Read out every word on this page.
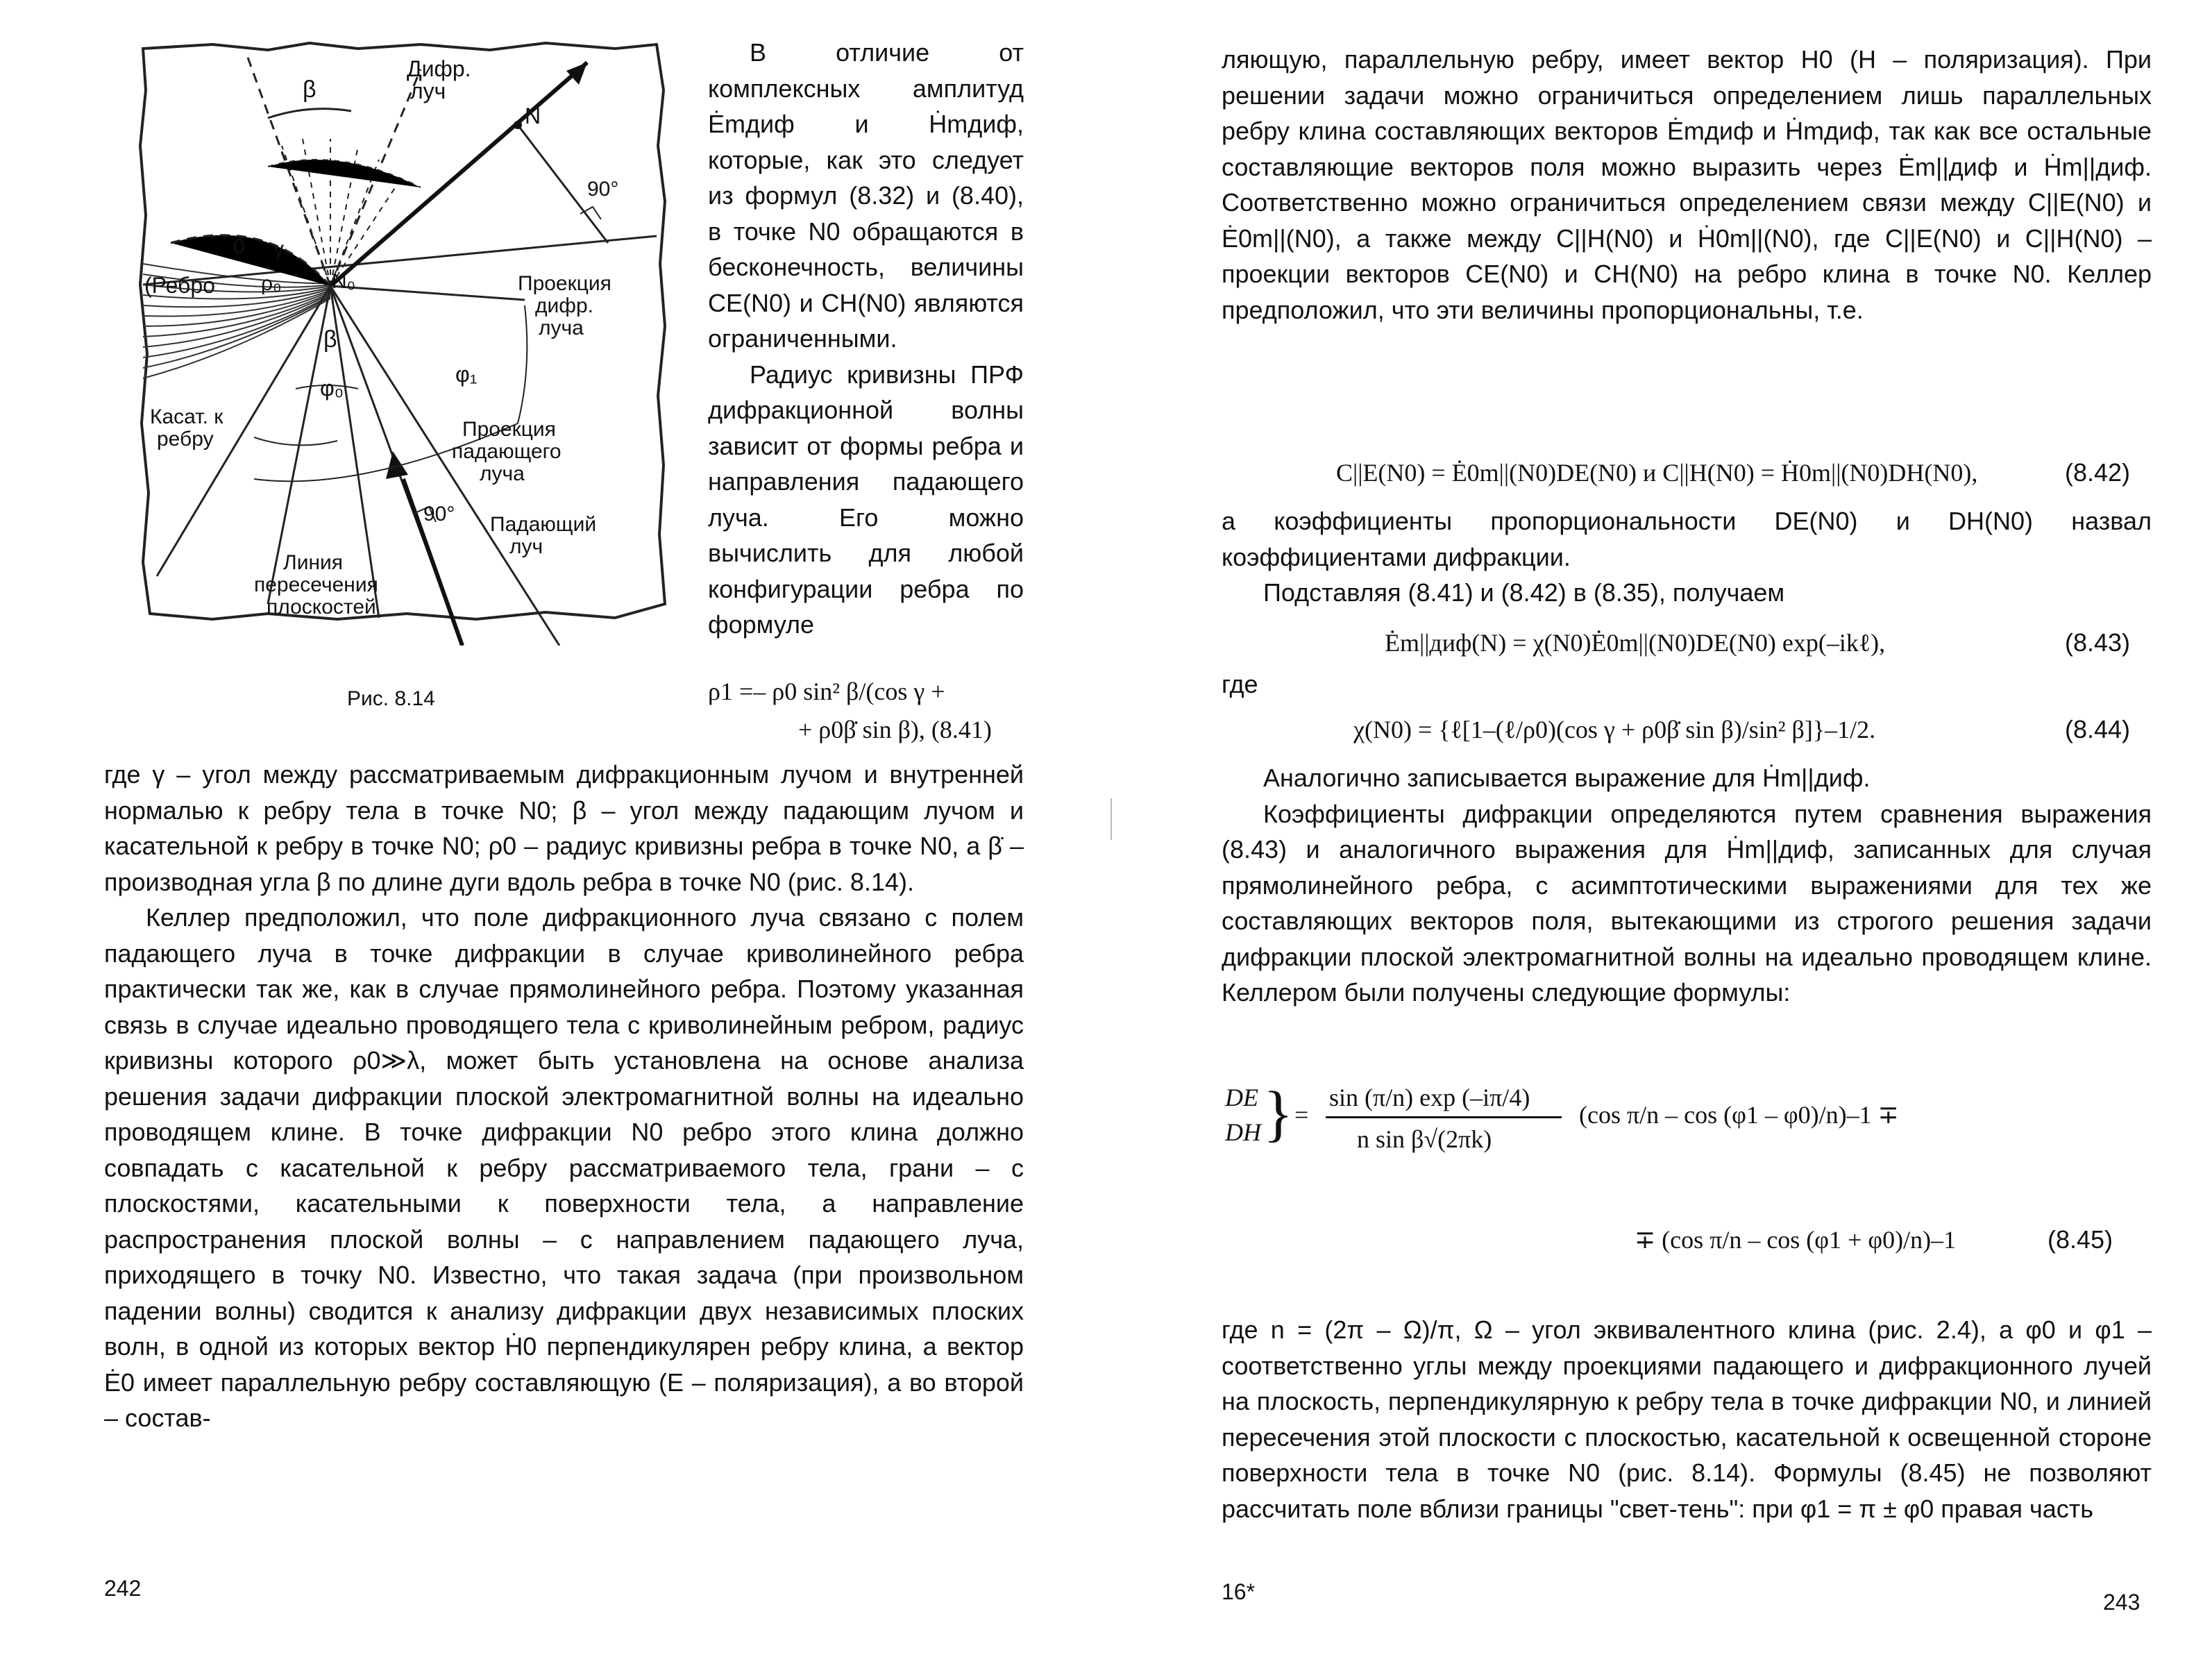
Дифр.
луч
N
β
90°
0 γ
ρ₀ N₀
(Ребро	Проекция
дифр.
луча
β
φ₁
φ₀
Касат. к
ребру	Проекция
падающего
луча
90° Падающий
луч
Линия
пересечения
плоскостей
Рис. 8.14

В отличие от комплексных амплитуд Ėmдиф и Ḣmдиф, которые, как это следует из формул (8.32) и (8.40), в точке N0 обращаются в бесконечность, величины CE(N0) и CH(N0) являются ограниченными.

Радиус кривизны ПРФ дифракционной волны зависит от формы ребра и направления падающего луча. Его можно вычислить для любой конфигурации ребра по формуле

ρ1 =– ρ0 sin² β/(cos γ +
+ ρ0β̇ sin β), (8.41)

где γ – угол между рассматриваемым дифракционным лучом и внутренней нормалью к ребру тела в точке N0; β – угол между падающим лучом и касательной к ребру в точке N0; ρ0 – радиус кривизны ребра в точке N0, а β̇ – производная угла β по длине дуги вдоль ребра в точке N0 (рис. 8.14).

Келлер предположил, что поле дифракционного луча связано с полем падающего луча в точке дифракции в случае криволинейного ребра практически так же, как в случае прямолинейного ребра. Поэтому указанная связь в случае идеально проводящего тела с криволинейным ребром, радиус кривизны которого ρ0≫λ, может быть установлена на основе анализа решения задачи дифракции плоской электромагнитной волны на идеально проводящем клине. В точке дифракции N0 ребро этого клина должно совпадать с касательной к ребру рассматриваемого тела, грани – с плоскостями, касательными к поверхности тела, а направление распространения плоской волны – с направлением падающего луча, приходящего в точку N0. Известно, что такая задача (при произвольном падении волны) сводится к анализу дифракции двух независимых плоских волн, в одной из которых вектор Ḣ0 перпендикулярен ребру клина, а вектор Ė0 имеет параллельную ребру составляющую (E – поляризация), а во второй – состав-

242

ляющую, параллельную ребру, имеет вектор H0 (H – поляризация). При решении задачи можно ограничиться определением лишь параллельных ребру клина составляющих векторов Ėmдиф и Ḣmдиф, так как все остальные составляющие векторов поля можно выразить через Ėm||диф и Ḣm||диф. Соответственно можно ограничиться определением связи между C||E(N0) и Ė0m||(N0), а также между C||H(N0) и Ḣ0m||(N0), где C||E(N0) и C||H(N0) – проекции векторов CE(N0) и CH(N0) на ребро клина в точке N0. Келлер предположил, что эти величины пропорциональны, т.е.

C||E(N0) = Ė0m||(N0)DE(N0) и C||H(N0) = Ḣ0m||(N0)DH(N0),	(8.42)

а коэффициенты пропорциональности DE(N0) и DH(N0) назвал коэффициентами дифракции.

Подставляя (8.41) и (8.42) в (8.35), получаем

Ėm||диф(N) = χ(N0)Ė0m||(N0)DE(N0) exp(–ikℓ),	(8.43)
где
χ(N0) = {ℓ[1–(ℓ/ρ0)(cos γ + ρ0β̇ sin β)/sin² β]}–1/2.	(8.44)

Аналогично записывается выражение для Ḣm||диф.

Коэффициенты дифракции определяются путем сравнения выражения (8.43) и аналогичного выражения для Ḣm||диф, записанных для случая прямолинейного ребра, с асимптотическими выражениями для тех же составляющих векторов поля, вытекающими из строгого решения задачи дифракции плоской электромагнитной волны на идеально проводящем клине. Келлером были получены следующие формулы:

DE
DH } =
sin (π/n) exp (–iπ/4)
n sin β√(2πk)
(cos π/n – cos (φ1 – φ0)/n)–1 ∓
∓ (cos π/n – cos (φ1 + φ0)/n)–1	(8.45)

где n = (2π – Ω)/π, Ω – угол эквивалентного клина (рис. 2.4), а φ0 и φ1 – соответственно углы между проекциями падающего и дифракционного лучей на плоскость, перпендикулярную к ребру тела в точке дифракции N0, и линией пересечения этой плоскости с плоскостью, касательной к освещенной стороне поверхности тела в точке N0 (рис. 8.14). Формулы (8.45) не позволяют рассчитать поле вблизи границы "свет-тень": при φ1 = π ± φ0 правая часть

16*	243
